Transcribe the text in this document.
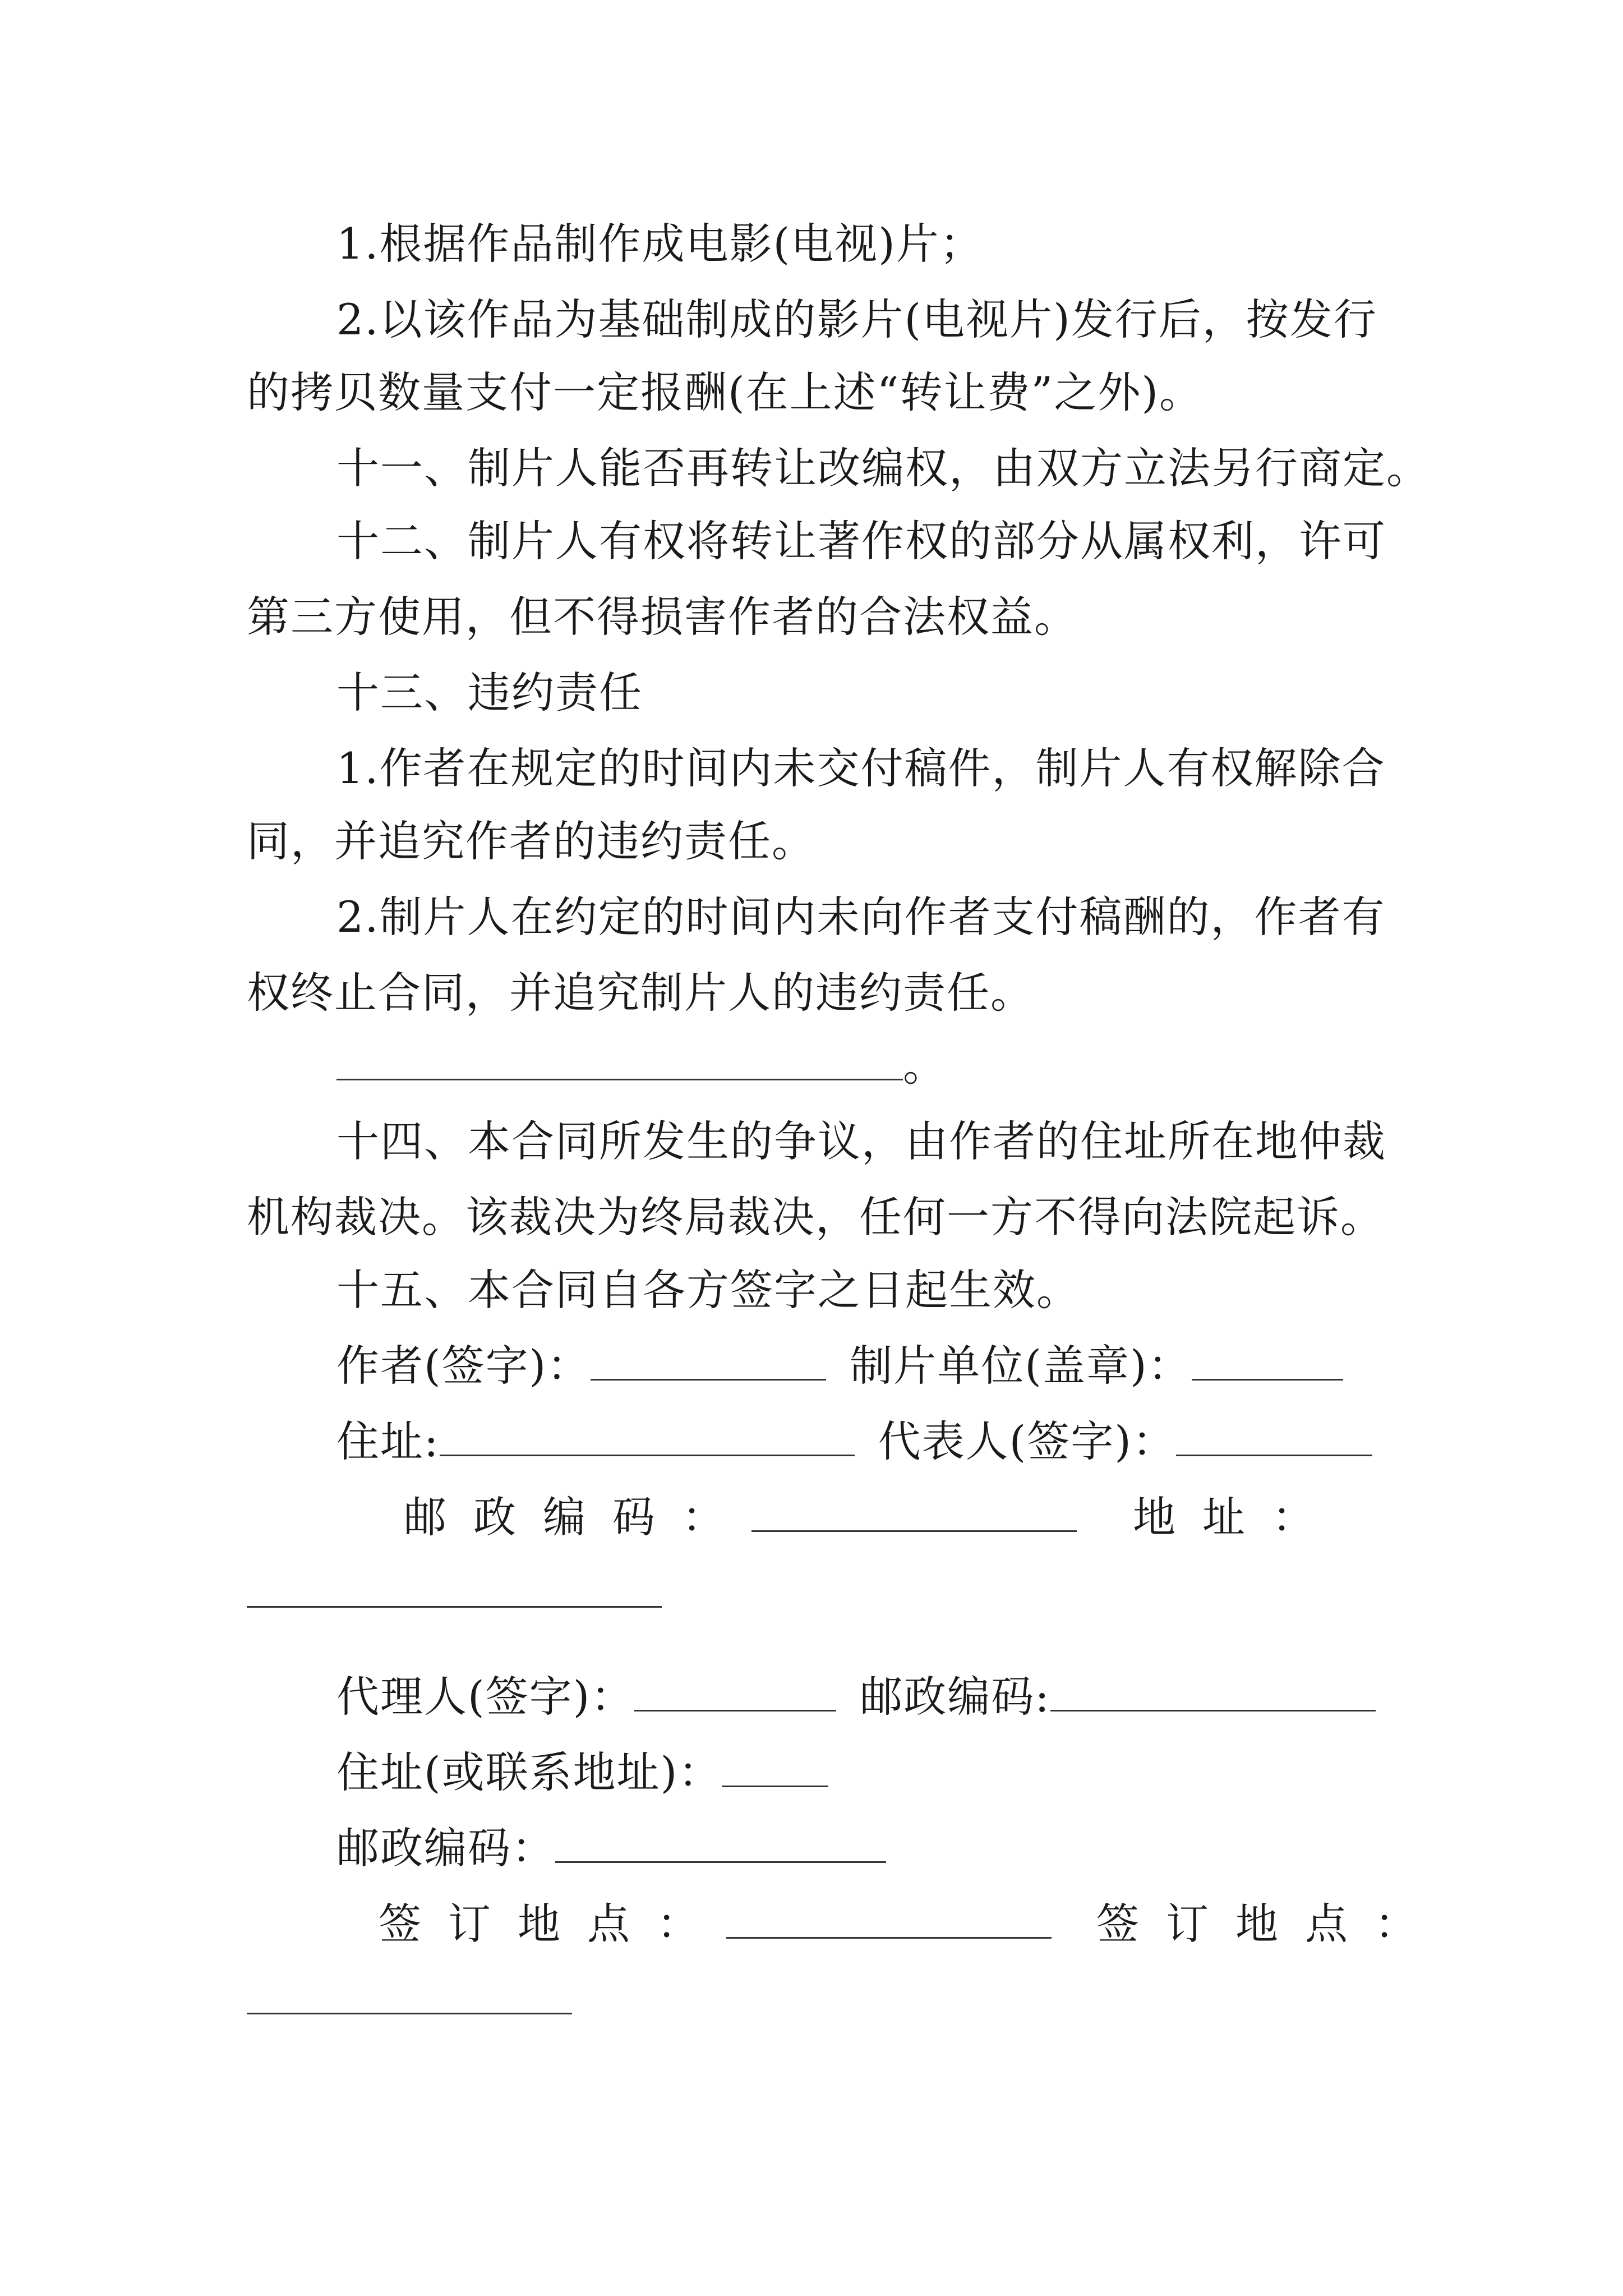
1.根据作品制作成电影(电视)片；
2.以该作品为基础制成的影片(电视片)发行后，按发行
的拷贝数量支付一定报酬(在上述“转让费”之外)。
十一、制片人能否再转让改编权，由双方立法另行商定。
十二、制片人有权将转让著作权的部分从属权利，许可
第三方使用，但不得损害作者的合法权益。
十三、违约责任
1.作者在规定的时间内未交付稿件，制片人有权解除合
同，并追究作者的违约责任。
2.制片人在约定的时间内未向作者支付稿酬的，作者有
权终止合同，并追究制片人的违约责任。
。
十四、本合同所发生的争议，由作者的住址所在地仲裁
机构裁决。该裁决为终局裁决，任何一方不得向法院起诉。
十五、本合同自各方签字之日起生效。
作者(签字)：	制片单位(盖章)：
住址:	代表人(签字)：
邮政编码：	地址：
代理人(签字)：	邮政编码:
住址(或联系地址)：
邮政编码：
签订地点：	签订地点：
